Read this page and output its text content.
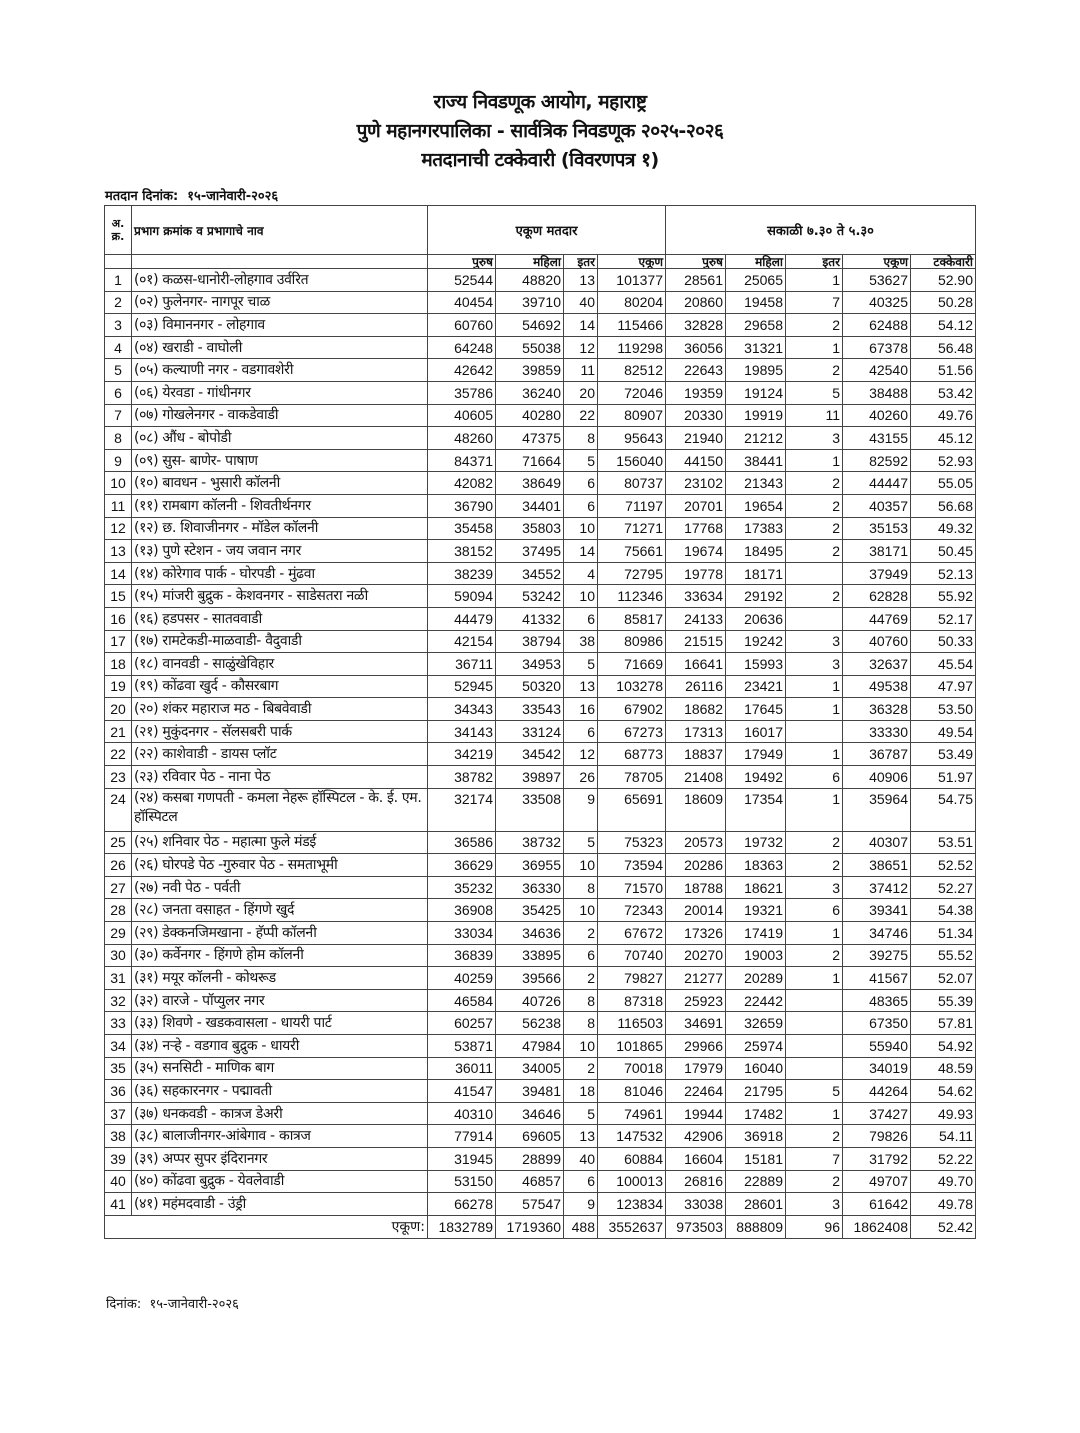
राज्य निवडणूक आयोग, महाराष्ट्र
पुणे महानगरपालिका - सार्वत्रिक निवडणूक २०२५-२०२६
मतदानाची टक्केवारी (विवरणपत्र १)
मतदान दिनांक: १५-जानेवारी-२०२६
अ. क्र.	प्रभाग क्रमांक व प्रभागाचे नाव	एकूण मतदार				सकाळी ७.३० ते ५.३०				
		पुरुष	महिला	इतर	एकूण	पुरुष	महिला	इतर	एकूण	टक्केवारी
1	(०१) कळस-धानोरी-लोहगाव उर्वरित	52544	48820	13	101377	28561	25065	1	53627	52.90
2	(०२) फुलेनगर- नागपूर चाळ	40454	39710	40	80204	20860	19458	7	40325	50.28
3	(०३) विमाननगर - लोहगाव	60760	54692	14	115466	32828	29658	2	62488	54.12
4	(०४) खराडी - वाघोली	64248	55038	12	119298	36056	31321	1	67378	56.48
5	(०५) कल्याणी नगर - वडगावशेरी	42642	39859	11	82512	22643	19895	2	42540	51.56
6	(०६) येरवडा - गांधीनगर	35786	36240	20	72046	19359	19124	5	38488	53.42
7	(०७) गोखलेनगर - वाकडेवाडी	40605	40280	22	80907	20330	19919	11	40260	49.76
8	(०८) औंध - बोपोडी	48260	47375	8	95643	21940	21212	3	43155	45.12
9	(०९) सुस- बाणेर- पाषाण	84371	71664	5	156040	44150	38441	1	82592	52.93
10	(१०) बावधन - भुसारी कॉलनी	42082	38649	6	80737	23102	21343	2	44447	55.05
11	(११) रामबाग कॉलनी - शिवतीर्थनगर	36790	34401	6	71197	20701	19654	2	40357	56.68
12	(१२) छ. शिवाजीनगर - मॉडेल कॉलनी	35458	35803	10	71271	17768	17383	2	35153	49.32
13	(१३) पुणे स्टेशन - जय जवान नगर	38152	37495	14	75661	19674	18495	2	38171	50.45
14	(१४) कोरेगाव पार्क - घोरपडी - मुंढवा	38239	34552	4	72795	19778	18171		37949	52.13
15	(१५) मांजरी बुद्रुक - केशवनगर - साडेसतरा नळी	59094	53242	10	112346	33634	29192	2	62828	55.92
16	(१६) हडपसर - सातववाडी	44479	41332	6	85817	24133	20636		44769	52.17
17	(१७) रामटेकडी-माळवाडी- वैदुवाडी	42154	38794	38	80986	21515	19242	3	40760	50.33
18	(१८) वानवडी - साळुंखेविहार	36711	34953	5	71669	16641	15993	3	32637	45.54
19	(१९) कोंढवा खुर्द - कौसरबाग	52945	50320	13	103278	26116	23421	1	49538	47.97
20	(२०) शंकर महाराज मठ - बिबवेवाडी	34343	33543	16	67902	18682	17645	1	36328	53.50
21	(२१) मुकुंदनगर - सॅलसबरी पार्क	34143	33124	6	67273	17313	16017		33330	49.54
22	(२२) काशेवाडी - डायस प्लॉट	34219	34542	12	68773	18837	17949	1	36787	53.49
23	(२३) रविवार पेठ - नाना पेठ	38782	39897	26	78705	21408	19492	6	40906	51.97
24	(२४) कसबा गणपती - कमला नेहरू हॉस्पिटल - के. ई. एम. हॉस्पिटल	32174	33508	9	65691	18609	17354	1	35964	54.75
25	(२५) शनिवार पेठ - महात्मा फुले मंडई	36586	38732	5	75323	20573	19732	2	40307	53.51
26	(२६) घोरपडे पेठ -गुरुवार पेठ - समताभूमी	36629	36955	10	73594	20286	18363	2	38651	52.52
27	(२७) नवी पेठ - पर्वती	35232	36330	8	71570	18788	18621	3	37412	52.27
28	(२८) जनता वसाहत - हिंगणे खुर्द	36908	35425	10	72343	20014	19321	6	39341	54.38
29	(२९) डेक्कनजिमखाना - हॅप्पी कॉलनी	33034	34636	2	67672	17326	17419	1	34746	51.34
30	(३०) कर्वेनगर - हिंगणे होम कॉलनी	36839	33895	6	70740	20270	19003	2	39275	55.52
31	(३१) मयूर कॉलनी - कोथरूड	40259	39566	2	79827	21277	20289	1	41567	52.07
32	(३२) वारजे - पॉप्युलर नगर	46584	40726	8	87318	25923	22442		48365	55.39
33	(३३) शिवणे - खडकवासला - धायरी पार्ट	60257	56238	8	116503	34691	32659		67350	57.81
34	(३४) नऱ्हे - वडगाव बुद्रुक - धायरी	53871	47984	10	101865	29966	25974		55940	54.92
35	(३५) सनसिटी - माणिक बाग	36011	34005	2	70018	17979	16040		34019	48.59
36	(३६) सहकारनगर - पद्मावती	41547	39481	18	81046	22464	21795	5	44264	54.62
37	(३७) धनकवडी - कात्रज डेअरी	40310	34646	5	74961	19944	17482	1	37427	49.93
38	(३८) बालाजीनगर-आंबेगाव - कात्रज	77914	69605	13	147532	42906	36918	2	79826	54.11
39	(३९) अप्पर सुपर इंदिरानगर	31945	28899	40	60884	16604	15181	7	31792	52.22
40	(४०) कोंढवा बुद्रुक - येवलेवाडी	53150	46857	6	100013	26816	22889	2	49707	49.70
41	(४१) महंमदवाडी - उंड्री	66278	57547	9	123834	33038	28601	3	61642	49.78
एकूण:		1832789	1719360	488	3552637	973503	888809	96	1862408	52.42
दिनांक: १५-जानेवारी-२०२६
